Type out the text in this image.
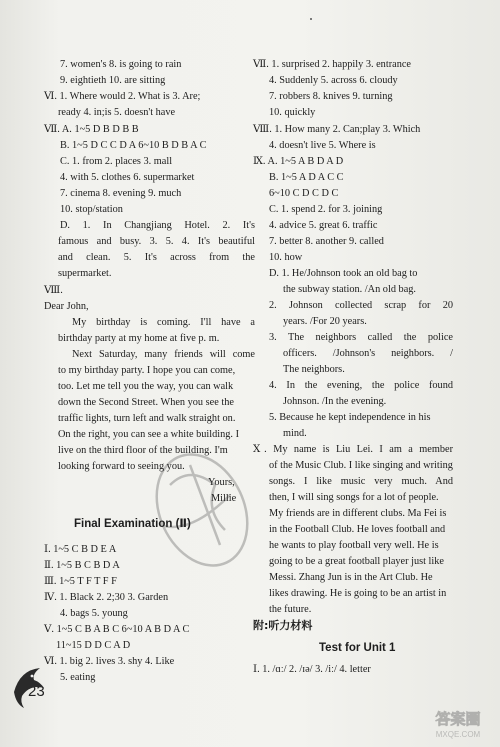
7. women's 8. is going to rain
9. eightieth 10. are sitting
Ⅵ. 1. Where would 2. What is 3. Are;
ready 4. in;is 5. doesn't have
Ⅶ. A. 1~5 D B D B B
B. 1~5 D C C D A 6~10 B D B A C
C. 1. from 2. places 3. mall
4. with 5. clothes 6. supermarket
7. cinema 8. evening 9. much
10. stop/station
D. 1. In Changjiang Hotel. 2. It's
famous and busy. 3. 5. 4. It's beautiful
and clean. 5. It's across from the
supermarket.
Ⅷ.
Dear John,
My birthday is coming. I'll have a
birthday party at my home at five p. m.
Next Saturday, many friends will come
to my birthday party. I hope you can come,
too. Let me tell you the way, you can walk
down the Second Street. When you see the
traffic lights, turn left and walk straight on.
On the right, you can see a white building. I
live on the third floor of the building. I'm
looking forward to seeing you.
Yours,
Millie
Final Examination (Ⅱ)
Ⅰ. 1~5 C B D E A
Ⅱ. 1~5 B C B D A
Ⅲ. 1~5 T F T F F
Ⅳ. 1. Black 2. 2;30 3. Garden
4. bags 5. young
Ⅴ. 1~5 C B A B C 6~10 A B D A C
11~15 D D C A D
Ⅵ. 1. big 2. lives 3. shy 4. Like
5. eating
Ⅶ. 1. surprised 2. happily 3. entrance
4. Suddenly 5. across 6. cloudy
7. robbers 8. knives 9. turning
10. quickly
Ⅷ. 1. How many 2. Can;play 3. Which
4. doesn't live 5. Where is
Ⅸ. A. 1~5 A B D A D
B. 1~5 A D A C C
6~10 C D C D C
C. 1. spend 2. for 3. joining
4. advice 5. great 6. traffic
7. better 8. another 9. called
10. how
D. 1. He/Johnson took an old bag to
the subway station. /An old bag.
2. Johnson collected scrap for 20
years. /For 20 years.
3. The neighbors called the police
officers. /Johnson's neighbors. /
The neighbors.
4. In the evening, the police found
Johnson. /In the evening.
5. Because he kept independence in his
mind.
Ⅹ. My name is Liu Lei. I am a member
of the Music Club. I like singing and writing
songs. I like music very much. And
then, I will sing songs for a lot of people.
My friends are in different clubs. Ma Fei is
in the Football Club. He loves football and
he wants to play football very well. He is
going to be a great football player just like
Messi. Zhang Jun is in the Art Club. He
likes drawing. He is going to be an artist in
the future.
附:听力材料
Test for Unit 1
Ⅰ. 1. /ɑː/ 2. /ɪə/ 3. /iː/ 4. letter
23
答案圈
MXQE.COM
